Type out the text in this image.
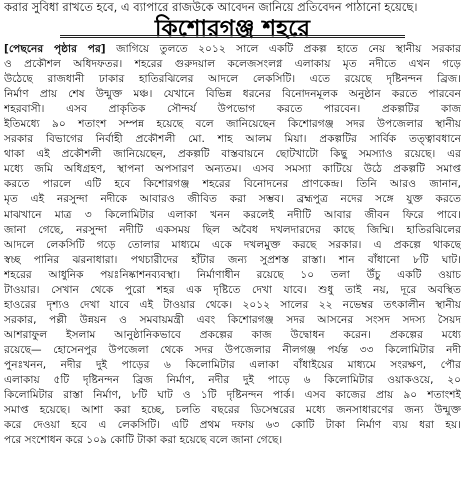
করার সুবিধা রাখতে হবে, এ ব্যাপারে রাজউকে আবেদন জানিয়ে প্রতিবেদন পাঠানো হয়েছে।
কিশোরগঞ্জ শহরে
[পেছনের পৃষ্ঠার পর] জাগিয়ে তুলতে ২০১২ সালে একটি প্রকল্প হাতে নেয় স্থানীয় সরকার
ও প্রকৌশল অধিদফতর। শহরের গুরুদয়াল কলেজসংলগ্ন এলাকায় মৃত নদীতে এখন গড়ে
উঠেছে রাজধানী ঢাকার হাতিরঝিলের আদলে লেকসিটি। এতে রয়েছে দৃষ্টিনন্দন ব্রিজ।
নির্মাণ প্রায় শেষ উন্মুক্ত মঞ্চ। যেখানে বিভিন্ন ধরনের বিনোদনমূলক অনুষ্ঠান করতে পারবেন
শহরবাসী। এসব প্রাকৃতিক সৌন্দর্য উপভোগ করতে পারবেন। প্রকল্পটির কাজ
ইতিমধ্যে ৯০ শতাংশ সম্পন্ন হয়েছে বলে জানিয়েছেন কিশোরগঞ্জ সদর উপজেলার স্থানীয়
সরকার বিভাগের নির্বাহী প্রকৌশলী মো. শাহ আলম মিয়া। প্রকল্পটির সার্বিক তত্ত্বাবধানে
থাকা এই প্রকৌশলী জানিয়েছেন, প্রকল্পটি বাস্তবায়নে ছোটখাটো কিছু সমস্যাও রয়েছে। এর
মধ্যে জমি অধিগ্রহণ, স্থাপনা অপসারণ অন্যতম। এসব সমস্যা কাটিয়ে উঠে প্রকল্পটি সমাপ্ত
করতে পারলে এটি হবে কিশোরগঞ্জ শহরের বিনোদনের প্রাণকেন্দ্র। তিনি আরও জানান,
মৃত এই নরসুন্দা নদীকে আবারও জীবিত করা সম্ভব। ব্রহ্মপুত্র নদের সঙ্গে যুক্ত করতে
মাঝখানে মাত্র ৩ কিলোমিটার এলাকা খনন করলেই নদীটি আবার জীবন ফিরে পাবে।
জানা গেছে, নরসুন্দা নদীটি একসময় ছিল অবৈধ দখলদারদের কাছে জিম্মি। হাতিরঝিলের
আদলে লেকসিটি গড়ে তোলার মাধ্যমে একে দখলমুক্ত করছে সরকার। এ প্রকল্পে থাকছে
স্বচ্ছ পানির ঝরনাধারা। পথচারীদের হাঁটার জন্য সুপ্রশস্ত রাস্তা। শান বাঁধানো ৮টি ঘাট।
শহরের আধুনিক পয়ঃনিষ্কাশনব্যবস্থা। নির্মাণাধীন রয়েছে ১০ তলা উঁচু একটি ওয়াচ
টাওয়ার। সেখান থেকে পুরো শহর এক দৃষ্টিতে দেখা যাবে। শুধু তাই নয়, দূরে অবস্থিত
হাওরের দৃশ্যও দেখা যাবে এই টাওয়ার থেকে। ২০১২ সালের ২২ নভেম্বর তৎকালীন স্থানীয়
সরকার, পল্লী উন্নয়ন ও সমবায়মন্ত্রী এবং কিশোরগঞ্জ সদর আসনের সংসদ সদস্য সৈয়দ
আশরাফুল ইসলাম আনুষ্ঠানিকভাবে প্রকল্পের কাজ উদ্বোধন করেন। প্রকল্পের মধ্যে
রয়েছে— হোসেনপুর উপজেলা থেকে সদর উপজেলার নীলগঞ্জ পর্যন্ত ৩৩ কিলোমিটার নদী
পুনঃখনন, নদীর দুই পাড়ের ৬ কিলোমিটার এলাকা বাঁধাইয়ের মাধ্যমে সংরক্ষণ, পৌর
এলাকায় ৫টি দৃষ্টিনন্দন ব্রিজ নির্মাণ, নদীর দুই পাড়ে ৬ কিলোমিটার ওয়াকওয়ে, ২০
কিলোমিটার রাস্তা নির্মাণ, ৮টি ঘাট ও ১টি দৃষ্টিনন্দন পার্ক। এসব কাজের প্রায় ৯০ শতাংশই
সমাপ্ত হয়েছে। আশা করা হচ্ছে, চলতি বছরের ডিসেম্বরের মধ্যে জনসাধারণের জন্য উন্মুক্ত
করে দেওয়া হবে এ লেকসিটি। এটি প্রথম দফায় ৬৩ কোটি টাকা নির্মাণ ব্যয় ধরা হয়।
পরে সংশোধন করে ১০৯ কোটি টাকা করা হয়েছে বলে জানা গেছে।
